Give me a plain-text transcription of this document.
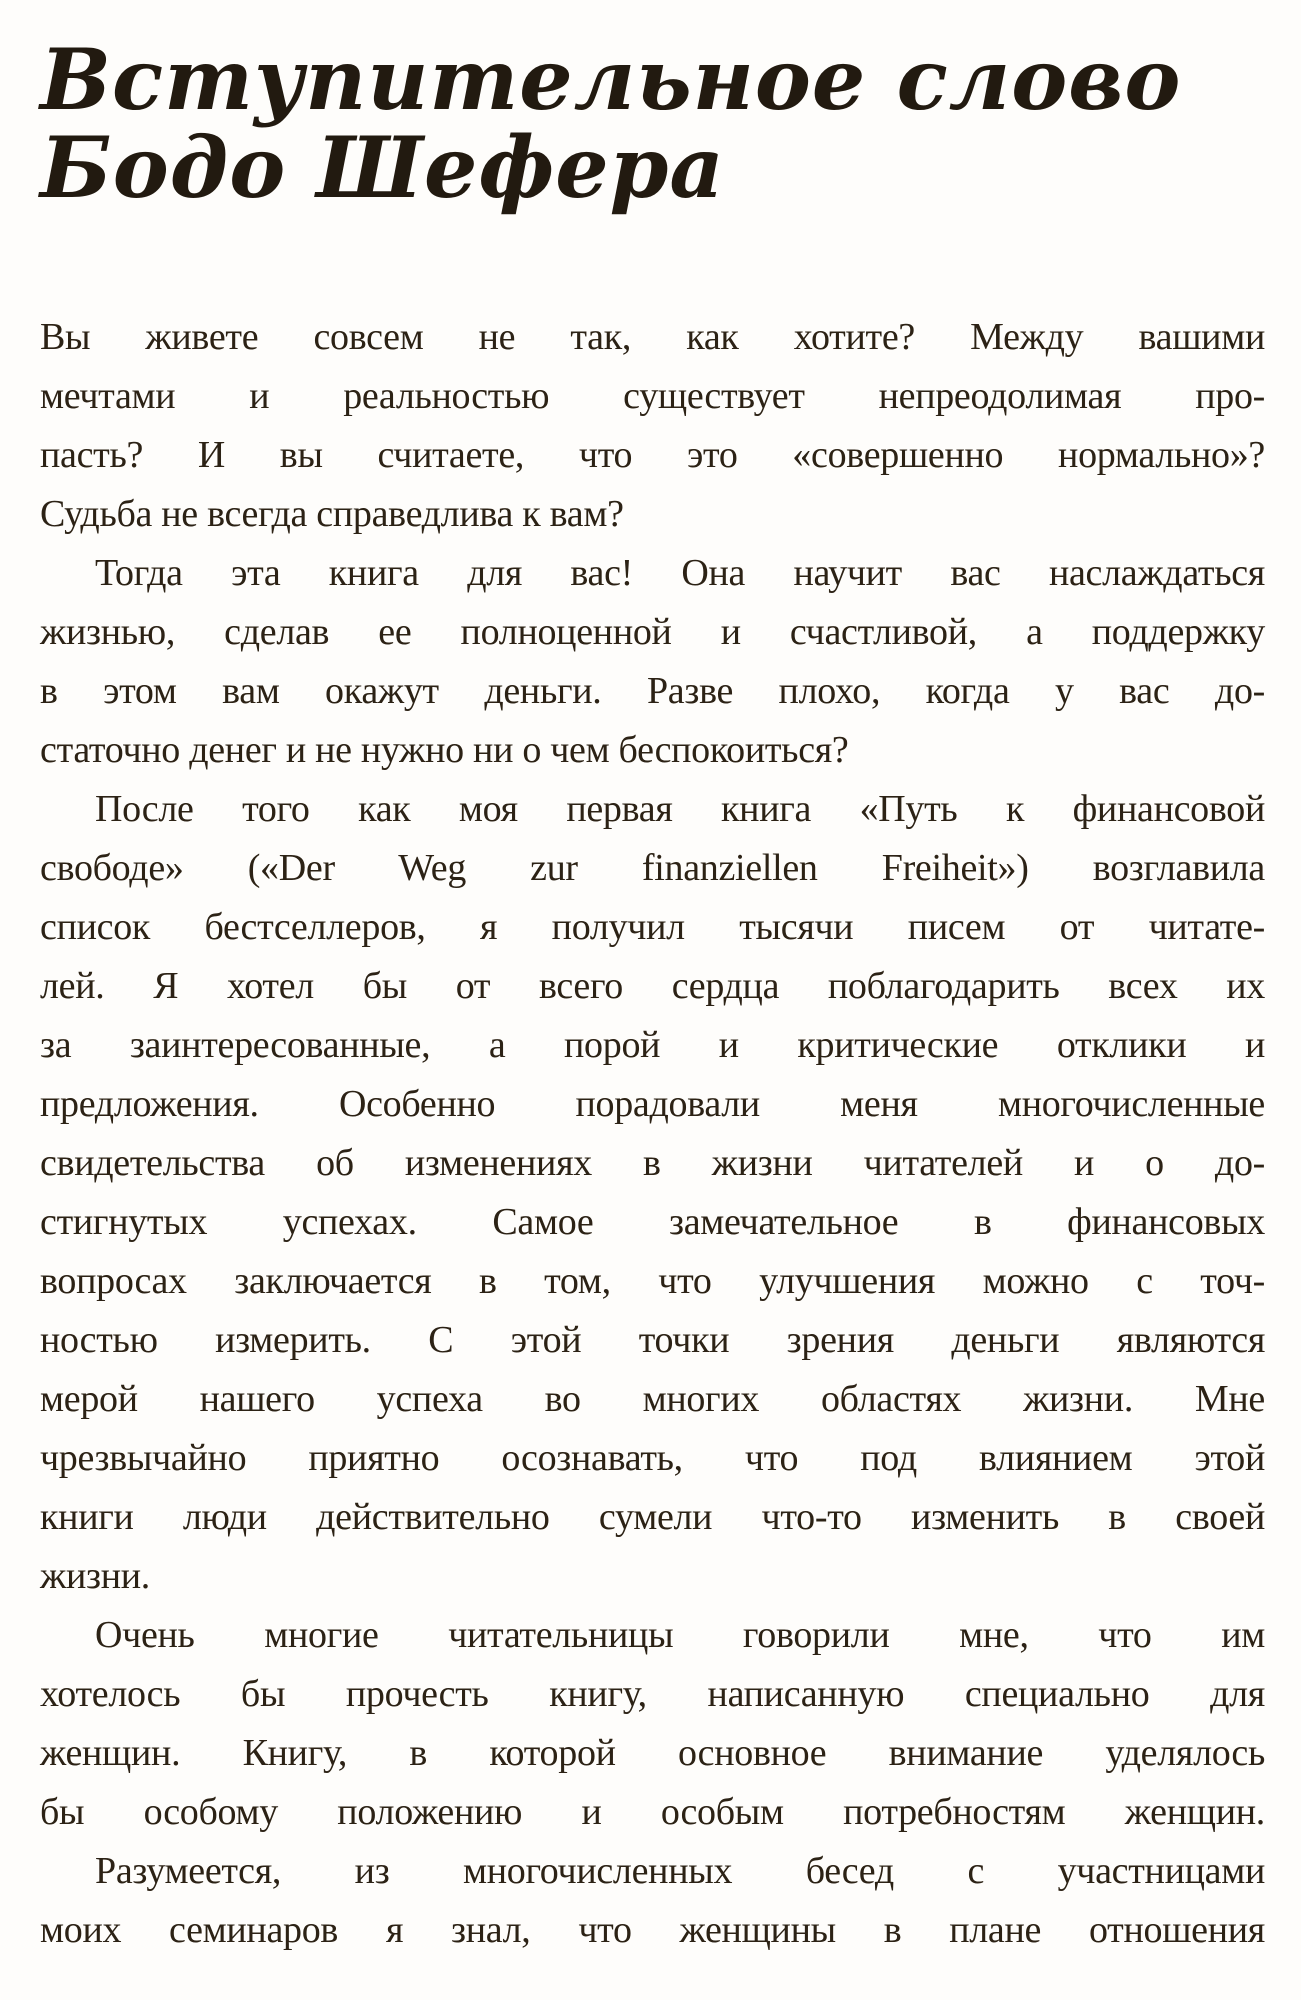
Вступительное слово
Бодо Шефера
Вы живете совсем не так, как хотите? Между вашими
мечтами и реальностью существует непреодолимая про-
пасть? И вы считаете, что это «совершенно нормально»?
Судьба не всегда справедлива к вам?
Тогда эта книга для вас! Она научит вас наслаждаться
жизнью, сделав ее полноценной и счастливой, а поддержку
в этом вам окажут деньги. Разве плохо, когда у вас до-
статочно денег и не нужно ни о чем беспокоиться?
После того как моя первая книга «Путь к финансовой
свободе» («Der Weg zur finanziellen Freiheit») возглавила
список бестселлеров, я получил тысячи писем от читате-
лей. Я хотел бы от всего сердца поблагодарить всех их
за заинтересованные, а порой и критические отклики и
предложения. Особенно порадовали меня многочисленные
свидетельства об изменениях в жизни читателей и о до-
стигнутых успехах. Самое замечательное в финансовых
вопросах заключается в том, что улучшения можно с точ-
ностью измерить. С этой точки зрения деньги являются
мерой нашего успеха во многих областях жизни. Мне
чрезвычайно приятно осознавать, что под влиянием этой
книги люди действительно сумели что-то изменить в своей
жизни.
Очень многие читательницы говорили мне, что им
хотелось бы прочесть книгу, написанную специально для
женщин. Книгу, в которой основное внимание уделялось
бы особому положению и особым потребностям женщин.
Разумеется, из многочисленных бесед с участницами
моих семинаров я знал, что женщины в плане отношения
